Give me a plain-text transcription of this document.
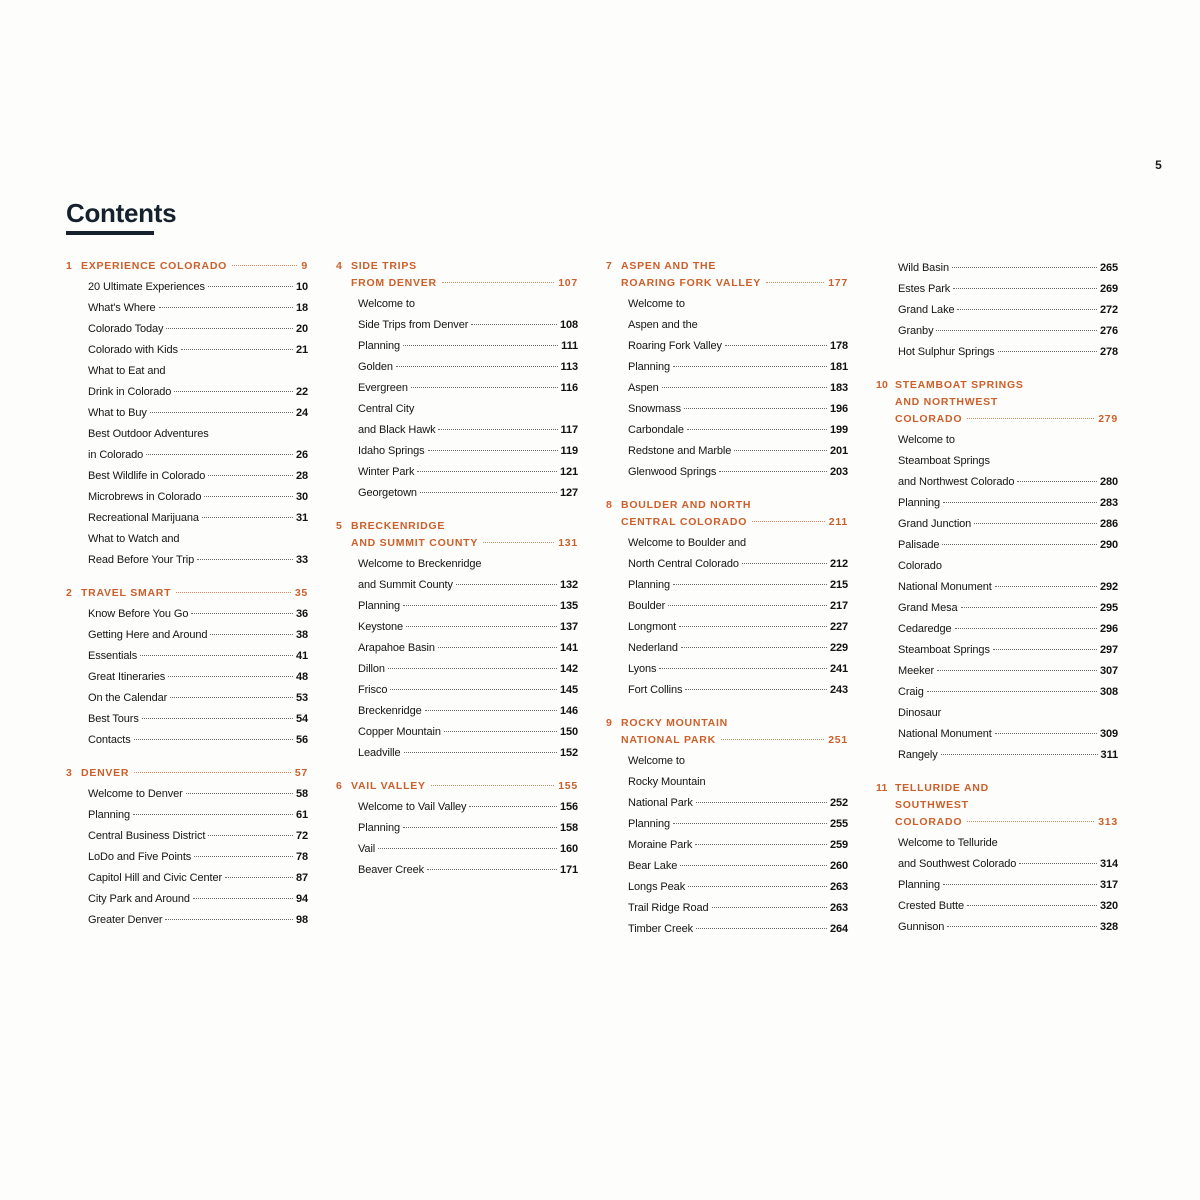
5
Contents
1 EXPERIENCE COLORADO	9
20 Ultimate Experiences	10
What's Where	18
Colorado Today	20
Colorado with Kids	21
What to Eat and
Drink in Colorado	22
What to Buy	24
Best Outdoor Adventures
in Colorado	26
Best Wildlife in Colorado	28
Microbrews in Colorado	30
Recreational Marijuana	31
What to Watch and
Read Before Your Trip	33
2 TRAVEL SMART	35
Know Before You Go	36
Getting Here and Around	38
Essentials	41
Great Itineraries	48
On the Calendar	53
Best Tours	54
Contacts	56
3 DENVER	57
Welcome to Denver	58
Planning	61
Central Business District	72
LoDo and Five Points	78
Capitol Hill and Civic Center	87
City Park and Around	94
Greater Denver	98
4 SIDE TRIPS
FROM DENVER	107
Welcome to
Side Trips from Denver	108
Planning	111
Golden	113
Evergreen	116
Central City
and Black Hawk	117
Idaho Springs	119
Winter Park	121
Georgetown	127
5 BRECKENRIDGE
AND SUMMIT COUNTY	131
Welcome to Breckenridge
and Summit County	132
Planning	135
Keystone	137
Arapahoe Basin	141
Dillon	142
Frisco	145
Breckenridge	146
Copper Mountain	150
Leadville	152
6 VAIL VALLEY	155
Welcome to Vail Valley	156
Planning	158
Vail	160
Beaver Creek	171
7 ASPEN AND THE
ROARING FORK VALLEY	177
Welcome to
Aspen and the
Roaring Fork Valley	178
Planning	181
Aspen	183
Snowmass	196
Carbondale	199
Redstone and Marble	201
Glenwood Springs	203
8 BOULDER AND NORTH
CENTRAL COLORADO	211
Welcome to Boulder and
North Central Colorado	212
Planning	215
Boulder	217
Longmont	227
Nederland	229
Lyons	241
Fort Collins	243
9 ROCKY MOUNTAIN
NATIONAL PARK	251
Welcome to
Rocky Mountain
National Park	252
Planning	255
Moraine Park	259
Bear Lake	260
Longs Peak	263
Trail Ridge Road	263
Timber Creek	264
Wild Basin	265
Estes Park	269
Grand Lake	272
Granby	276
Hot Sulphur Springs	278
10 STEAMBOAT SPRINGS
AND NORTHWEST
COLORADO	279
Welcome to
Steamboat Springs
and Northwest Colorado	280
Planning	283
Grand Junction	286
Palisade	290
Colorado
National Monument	292
Grand Mesa	295
Cedaredge	296
Steamboat Springs	297
Meeker	307
Craig	308
Dinosaur
National Monument	309
Rangely	311
11 TELLURIDE AND
SOUTHWEST
COLORADO	313
Welcome to Telluride
and Southwest Colorado	314
Planning	317
Crested Butte	320
Gunnison	328
